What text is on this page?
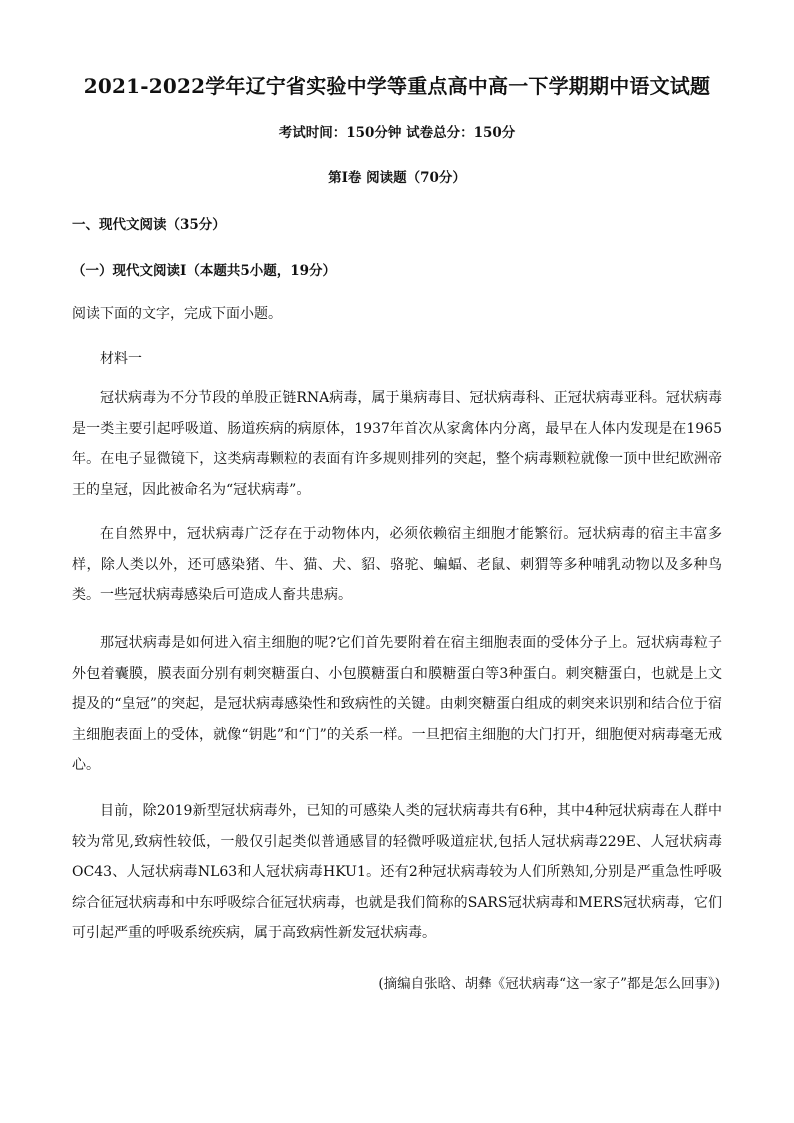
2021-2022学年辽宁省实验中学等重点高中高一下学期期中语文试题
考试时间：150分钟 试卷总分：150分
第Ⅰ卷 阅读题（70分）
一、现代文阅读（35分）
（一）现代文阅读Ⅰ（本题共5小题，19分）
阅读下面的文字，完成下面小题。
材料一

冠状病毒为不分节段的单股正链RNA病毒，属于巢病毒目、冠状病毒科、正冠状病毒亚科。冠状病毒是一类主要引起呼吸道、肠道疾病的病原体，1937年首次从家禽体内分离，最早在人体内发现是在1965年。在电子显微镜下，这类病毒颗粒的表面有许多规则排列的突起，整个病毒颗粒就像一顶中世纪欧洲帝王的皇冠，因此被命名为“冠状病毒”。

在自然界中，冠状病毒广泛存在于动物体内，必须依赖宿主细胞才能繁衍。冠状病毒的宿主丰富多样，除人类以外，还可感染猪、牛、猫、犬、貂、骆驼、蝙蝠、老鼠、刺猬等多种哺乳动物以及多种鸟类。一些冠状病毒感染后可造成人畜共患病。

那冠状病毒是如何进入宿主细胞的呢?它们首先要附着在宿主细胞表面的受体分子上。冠状病毒粒子外包着囊膜，膜表面分别有刺突糖蛋白、小包膜糖蛋白和膜糖蛋白等3种蛋白。刺突糖蛋白，也就是上文提及的“皇冠”的突起，是冠状病毒感染性和致病性的关键。由刺突糖蛋白组成的刺突来识别和结合位于宿主细胞表面上的受体，就像“钥匙”和“门”的关系一样。一旦把宿主细胞的大门打开，细胞便对病毒毫无戒心。

目前，除2019新型冠状病毒外，已知的可感染人类的冠状病毒共有6种，其中4种冠状病毒在人群中较为常见,致病性较低，一般仅引起类似普通感冒的轻微呼吸道症状,包括人冠状病毒229E、人冠状病毒OC43、人冠状病毒NL63和人冠状病毒HKU1。还有2种冠状病毒较为人们所熟知,分别是严重急性呼吸综合征冠状病毒和中东呼吸综合征冠状病毒，也就是我们简称的SARS冠状病毒和MERS冠状病毒，它们可引起严重的呼吸系统疾病，属于高致病性新发冠状病毒。

(摘编自张晗、胡彝《冠状病毒“这一家子”都是怎么回事》)
